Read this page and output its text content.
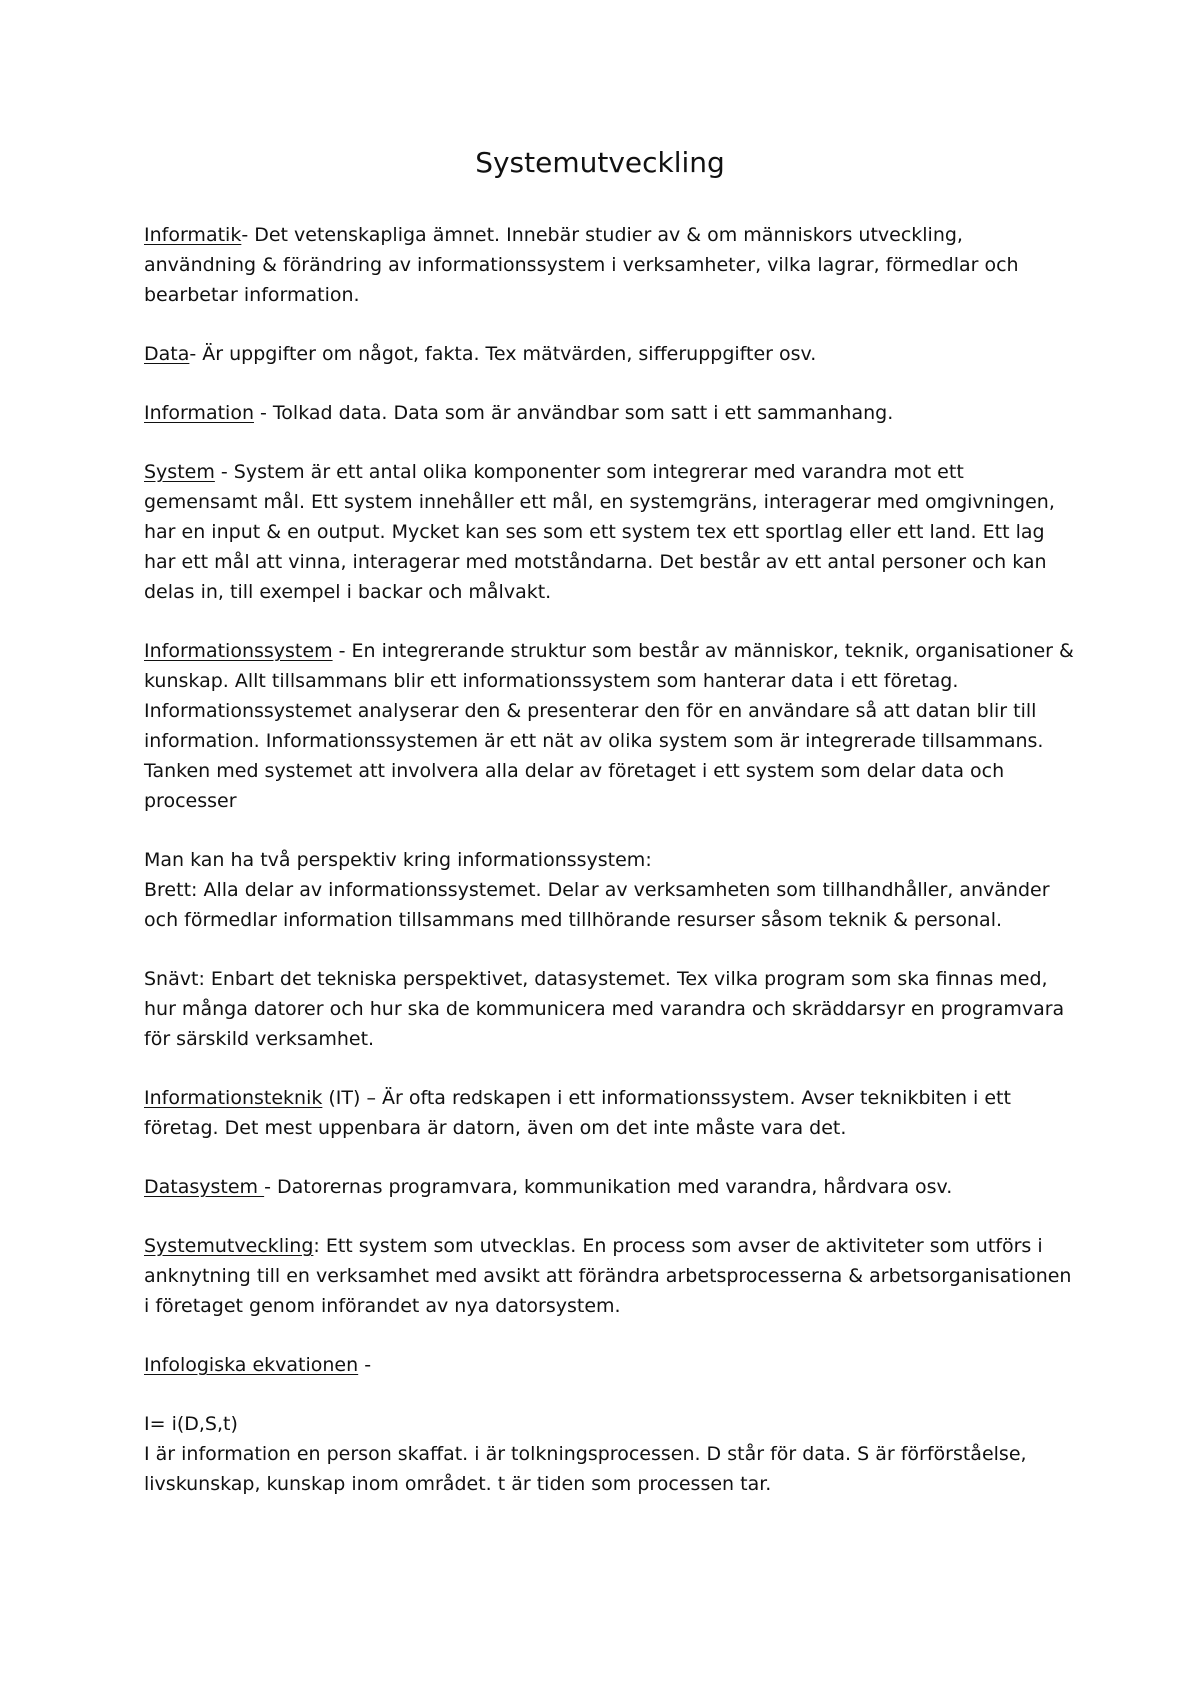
Systemutveckling

Informatik- Det vetenskapliga ämnet. Innebär studier av & om människors utveckling, användning & förändring av informationssystem i verksamheter, vilka lagrar, förmedlar och bearbetar information.

Data- Är uppgifter om något, fakta. Tex mätvärden, sifferuppgifter osv.

Information - Tolkad data. Data som är användbar som satt i ett sammanhang.

System - System är ett antal olika komponenter som integrerar med varandra mot ett gemensamt mål. Ett system innehåller ett mål, en systemgräns, interagerar med omgivningen, har en input & en output. Mycket kan ses som ett system tex ett sportlag eller ett land. Ett lag har ett mål att vinna, interagerar med motståndarna. Det består av ett antal personer och kan delas in, till exempel i backar och målvakt.

Informationssystem - En integrerande struktur som består av människor, teknik, organisationer & kunskap. Allt tillsammans blir ett informationssystem som hanterar data i ett företag. Informationssystemet analyserar den & presenterar den för en användare så att datan blir till information. Informationssystemen är ett nät av olika system som är integrerade tillsammans. Tanken med systemet att involvera alla delar av företaget i ett system som delar data och processer

Man kan ha två perspektiv kring informationssystem:
Brett: Alla delar av informationssystemet. Delar av verksamheten som tillhandhåller, använder och förmedlar information tillsammans med tillhörande resurser såsom teknik & personal.

Snävt: Enbart det tekniska perspektivet, datasystemet. Tex vilka program som ska finnas med, hur många datorer och hur ska de kommunicera med varandra och skräddarsyr en programvara för särskild verksamhet.

Informationsteknik (IT) – Är ofta redskapen i ett informationssystem. Avser teknikbiten i ett företag. Det mest uppenbara är datorn, även om det inte måste vara det.

Datasystem - Datorernas programvara, kommunikation med varandra, hårdvara osv.

Systemutveckling: Ett system som utvecklas. En process som avser de aktiviteter som utförs i anknytning till en verksamhet med avsikt att förändra arbetsprocesserna & arbetsorganisationen i företaget genom införandet av nya datorsystem.

Infologiska ekvationen -

I= i(D,S,t)
I är information en person skaffat. i är tolkningsprocessen. D står för data. S är förförståelse, livskunskap, kunskap inom området. t är tiden som processen tar.
